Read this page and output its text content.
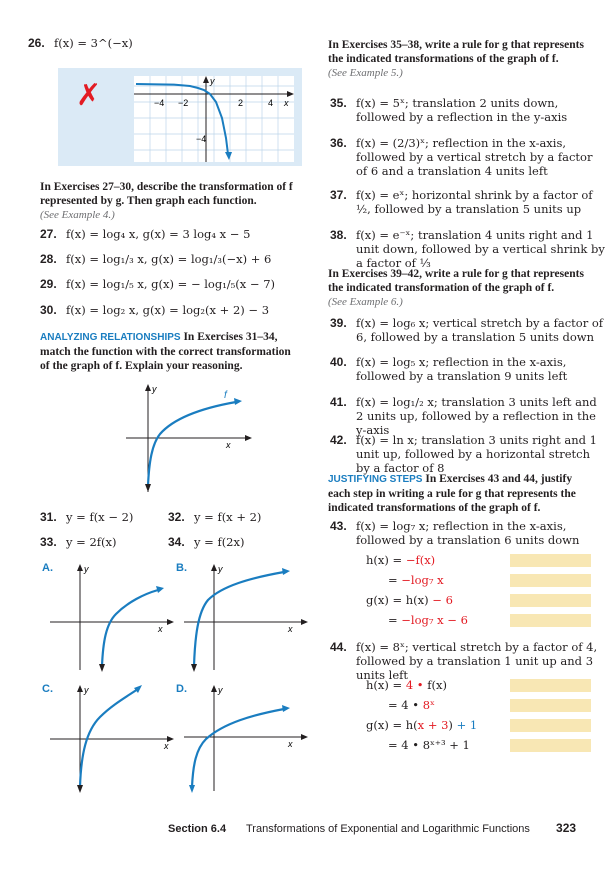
26. f(x) = 3^(−x)
✗	−4 −2	2	4
−4
x
y
In Exercises 27–30, describe the transformation of f represented by g. Then graph each function.
(See Example 4.)
27. f(x) = log₄ x, g(x) = 3 log₄ x − 5
28. f(x) = log₁/₃ x, g(x) = log₁/₃(−x) + 6
29. f(x) = log₁/₅ x, g(x) = − log₁/₅(x − 7)
30. f(x) = log₂ x, g(x) = log₂(x + 2) − 3
ANALYZING RELATIONSHIPS In Exercises 31–34, match the function with the correct transformation of the graph of f. Explain your reasoning.
f
x
y
31. y = f(x − 2)	32. y = f(x + 2)
33. y = 2f(x)	34. y = f(2x)
A.
x
y	B.
x
y
C.
x
y	D.
x
y
In Exercises 35–38, write a rule for g that represents the indicated transformations of the graph of f.
(See Example 5.)
35. f(x) = 5ˣ; translation 2 units down, followed by a reflection in the y-axis
36. f(x) = (2/3)ˣ; reflection in the x-axis, followed by a vertical stretch by a factor of 6 and a translation 4 units left
37. f(x) = eˣ; horizontal shrink by a factor of ½, followed by a translation 5 units up
38. f(x) = e⁻ˣ; translation 4 units right and 1 unit down, followed by a vertical shrink by a factor of ⅓
In Exercises 39–42, write a rule for g that represents the indicated transformation of the graph of f.
(See Example 6.)
39. f(x) = log₆ x; vertical stretch by a factor of 6, followed by a translation 5 units down
40. f(x) = log₅ x; reflection in the x-axis, followed by a translation 9 units left
41. f(x) = log₁/₂ x; translation 3 units left and 2 units up, followed by a reflection in the y-axis
42. f(x) = ln x; translation 3 units right and 1 unit up, followed by a horizontal stretch by a factor of 8
JUSTIFYING STEPS In Exercises 43 and 44, justify each step in writing a rule for g that represents the indicated transformations of the graph of f.
43. f(x) = log₇ x; reflection in the x-axis, followed by a translation 6 units down
h(x) = −f(x)
= −log₇ x
g(x) = h(x) − 6
= −log₇ x − 6
44. f(x) = 8ˣ; vertical stretch by a factor of 4, followed by a translation 1 unit up and 3 units left
h(x) = 4 • f(x)
= 4 • 8ˣ
g(x) = h(x + 3) + 1
= 4 • 8ˣ⁺³ + 1
Section 6.4 Transformations of Exponential and Logarithmic Functions 323
